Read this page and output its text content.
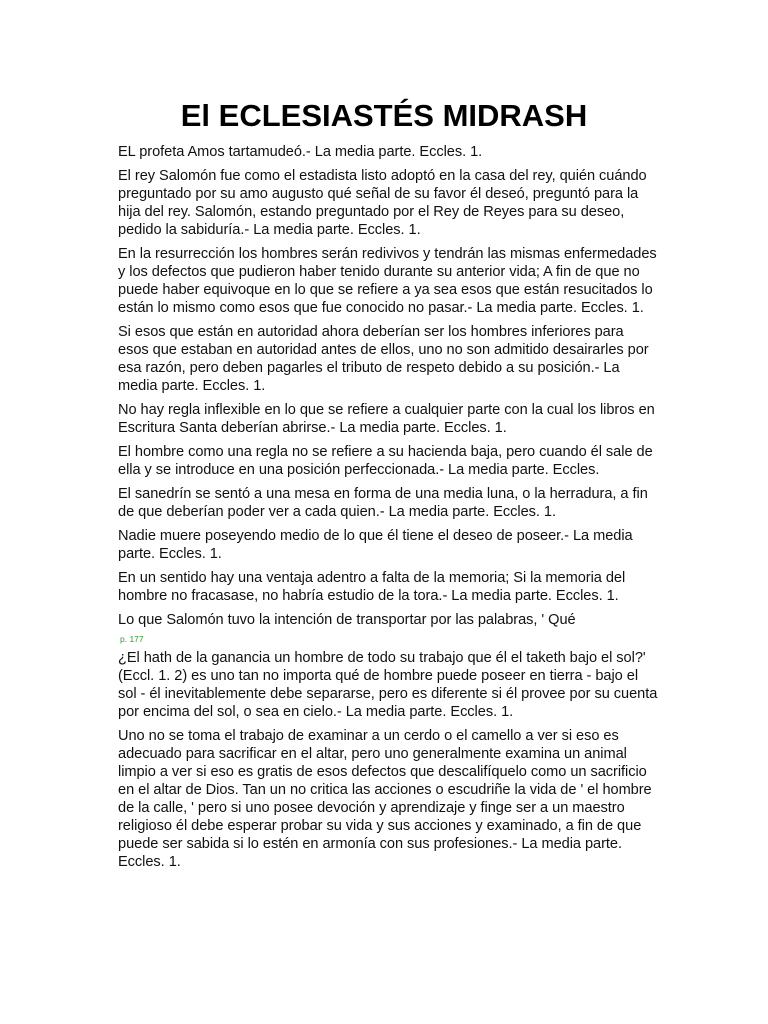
El ECLESIASTÉS MIDRASH

EL profeta Amos tartamudeó.- La media parte. Eccles. 1.

El rey Salomón fue como el estadista listo adoptó en la casa del rey, quién cuándo preguntado por su amo augusto qué señal de su favor él deseó, preguntó para la hija del rey. Salomón, estando preguntado por el Rey de Reyes para su deseo, pedido la sabiduría.- La media parte. Eccles. 1.

En la resurrección los hombres serán redivivos y tendrán las mismas enfermedades y los defectos que pudieron haber tenido durante su anterior vida; A fin de que no puede haber equivoque en lo que se refiere a ya sea esos que están resucitados lo están lo mismo como esos que fue conocido no pasar.- La media parte. Eccles. 1.

Si esos que están en autoridad ahora deberían ser los hombres inferiores para esos que estaban en autoridad antes de ellos, uno no son admitido desairarles por esa razón, pero deben pagarles el tributo de respeto debido a su posición.- La media parte. Eccles. 1.

No hay regla inflexible en lo que se refiere a cualquier parte con la cual los libros en Escritura Santa deberían abrirse.- La media parte. Eccles. 1.

El hombre como una regla no se refiere a su hacienda baja, pero cuando él sale de ella y se introduce en una posición perfeccionada.- La media parte. Eccles.

El sanedrín se sentó a una mesa en forma de una media luna, o la herradura, a fin de que deberían poder ver a cada quien.- La media parte. Eccles. 1.

Nadie muere poseyendo medio de lo que él tiene el deseo de poseer.- La media parte. Eccles. 1.

En un sentido hay una ventaja adentro a falta de la memoria; Si la memoria del hombre no fracasase, no habría estudio de la tora.- La media parte. Eccles. 1.

Lo que Salomón tuvo la intención de transportar por las palabras, ' Qué

p. 177

¿El hath de la ganancia un hombre de todo su trabajo que él el taketh bajo el sol?' (Eccl. 1. 2) es uno tan no importa qué de hombre puede poseer en tierra - bajo el sol - él inevitablemente debe separarse, pero es diferente si él provee por su cuenta por encima del sol, o sea en cielo.- La media parte. Eccles. 1.

Uno no se toma el trabajo de examinar a un cerdo o el camello a ver si eso es adecuado para sacrificar en el altar, pero uno generalmente examina un animal limpio a ver si eso es gratis de esos defectos que descalifíquelo como un sacrificio en el altar de Dios. Tan un no critica las acciones o escudriñe la vida de ' el hombre de la calle, ' pero si uno posee devoción y aprendizaje y finge ser a un maestro religioso él debe esperar probar su vida y sus acciones y examinado, a fin de que puede ser sabida si lo estén en armonía con sus profesiones.- La media parte. Eccles. 1.
